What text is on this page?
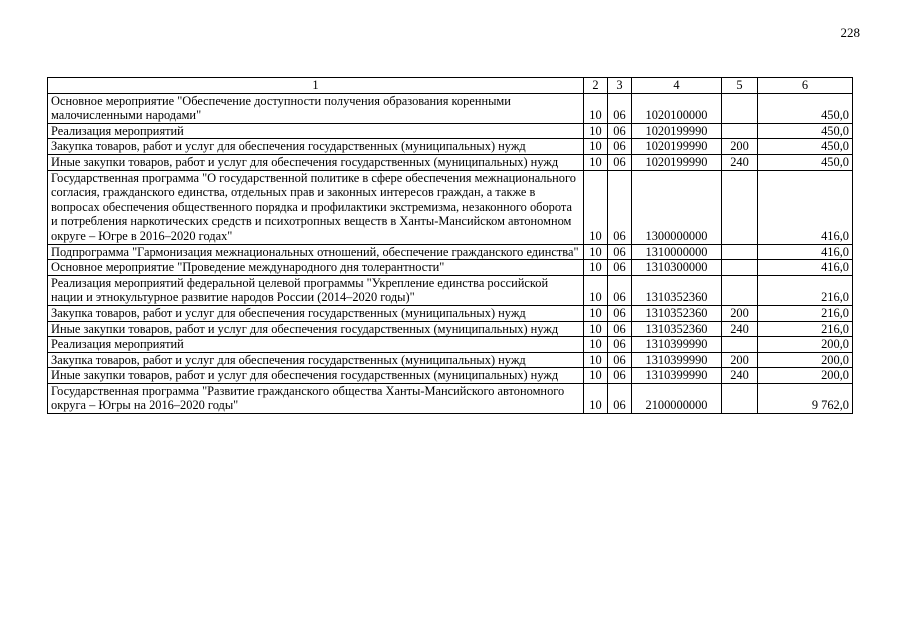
228
1	2	3	4	5	6
Основное мероприятие "Обеспечение доступности получения образования коренными малочисленными народами"	10	06	1020100000		450,0
Реализация мероприятий	10	06	1020199990		450,0
Закупка товаров, работ и услуг для обеспечения государственных (муниципальных) нужд	10	06	1020199990	200	450,0
Иные закупки товаров, работ и услуг для обеспечения государственных (муниципальных) нужд	10	06	1020199990	240	450,0
Государственная программа "О государственной политике в сфере обеспечения межнационального согласия, гражданского единства, отдельных прав и законных интересов граждан, а также в вопросах обеспечения общественного порядка и профилактики экстремизма, незаконного оборота и потребления наркотических средств и психотропных веществ в Ханты-Мансийском автономном округе – Югре в 2016–2020 годах"	10	06	1300000000		416,0
Подпрограмма "Гармонизация межнациональных отношений, обеспечение гражданского единства"	10	06	1310000000		416,0
Основное мероприятие "Проведение международного дня толерантности"	10	06	1310300000		416,0
Реализация мероприятий федеральной целевой программы "Укрепление единства российской нации и этнокультурное развитие народов России (2014–2020 годы)"	10	06	1310352360		216,0
Закупка товаров, работ и услуг для обеспечения государственных (муниципальных) нужд	10	06	1310352360	200	216,0
Иные закупки товаров, работ и услуг для обеспечения государственных (муниципальных) нужд	10	06	1310352360	240	216,0
Реализация мероприятий	10	06	1310399990		200,0
Закупка товаров, работ и услуг для обеспечения государственных (муниципальных) нужд	10	06	1310399990	200	200,0
Иные закупки товаров, работ и услуг для обеспечения государственных (муниципальных) нужд	10	06	1310399990	240	200,0
Государственная программа "Развитие гражданского общества Ханты-Мансийского автономного округа – Югры на 2016–2020 годы"	10	06	2100000000		9 762,0
